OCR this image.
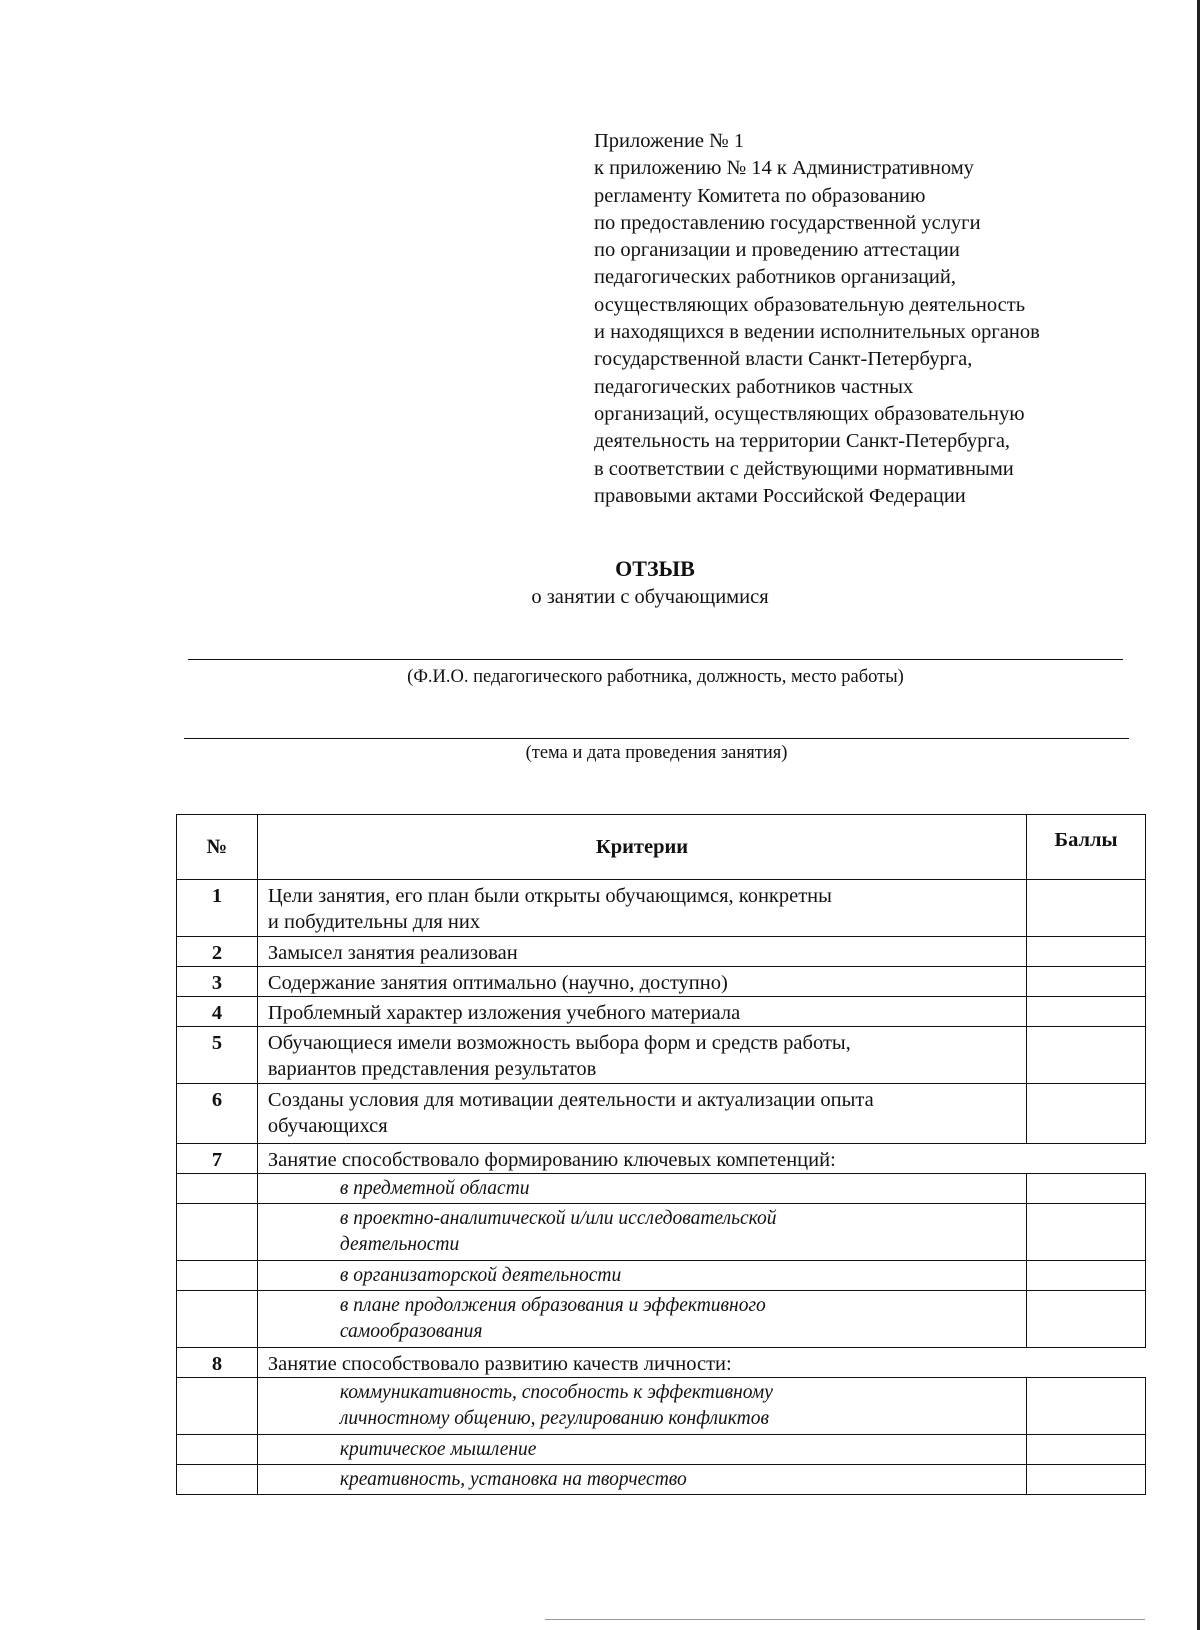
Приложение № 1
к приложению № 14 к Административному
регламенту Комитета по образованию
по предоставлению государственной услуги
по организации и проведению аттестации
педагогических работников организаций,
осуществляющих образовательную деятельность
и находящихся в ведении исполнительных органов
государственной власти Санкт-Петербурга,
педагогических работников частных
организаций, осуществляющих образовательную
деятельность на территории Санкт-Петербурга,
в соответствии с действующими нормативными
правовыми актами Российской Федерации
ОТЗЫВ
о занятии с обучающимися
(Ф.И.О. педагогического работника, должность, место работы)
(тема и дата проведения занятия)
№	Критерии	Баллы
1	Цели занятия, его план были открыты обучающимся, конкретны
и побудительны для них	

2	Замысел занятия реализован	
3	Содержание занятия оптимально (научно, доступно)	
4	Проблемный характер изложения учебного материала	
5	Обучающиеся имели возможность выбора форм и средств работы,
вариантов представления результатов	

6	Созданы условия для мотивации деятельности и актуализации опыта
обучающихся	

7	Занятие способствовало формированию ключевых компетенций:	
	в предметной области	

	в проектно-аналитической и/или исследовательской
деятельности	

	в организаторской деятельности	

	в плане продолжения образования и эффективного
самообразования	

8	Занятие способствовало развитию качеств личности:	

	коммуникативность, способность к эффективному
личностному общению, регулированию конфликтов	

	критическое мышление	
	креативность, установка на творчество	
